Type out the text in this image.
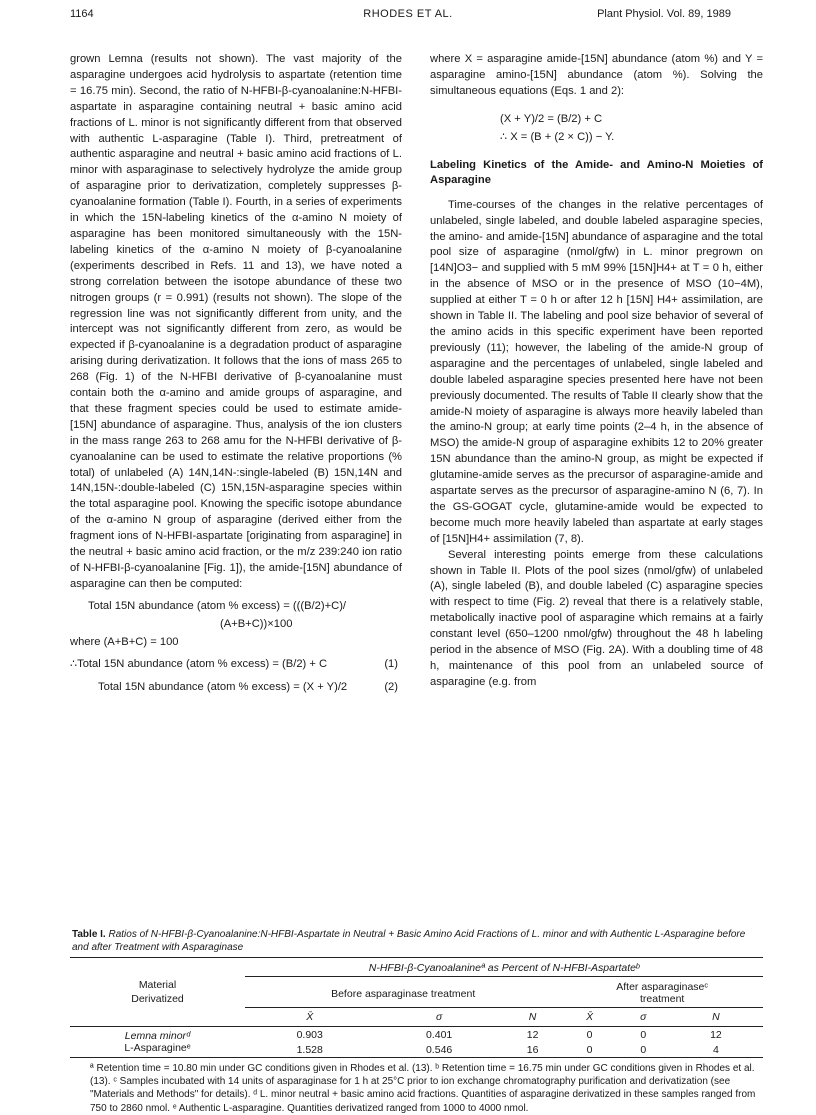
1164	RHODES ET AL.	Plant Physiol. Vol. 89, 1989

grown Lemna (results not shown). The vast majority of the asparagine undergoes acid hydrolysis to aspartate (retention time = 16.75 min). Second, the ratio of N-HFBI-β-cyanoalanine:N-HFBI-aspartate in asparagine containing neutral + basic amino acid fractions of L. minor is not significantly different from that observed with authentic L-asparagine (Table I). Third, pretreatment of authentic asparagine and neutral + basic amino acid fractions of L. minor with asparaginase to selectively hydrolyze the amide group of asparagine prior to derivatization, completely suppresses β-cyanoalanine formation (Table I). Fourth, in a series of experiments in which the 15N-labeling kinetics of the α-amino N moiety of asparagine has been monitored simultaneously with the 15N-labeling kinetics of the α-amino N moiety of β-cyanoalanine (experiments described in Refs. 11 and 13), we have noted a strong correlation between the isotope abundance of these two nitrogen groups (r = 0.991) (results not shown). The slope of the regression line was not significantly different from unity, and the intercept was not significantly different from zero, as would be expected if β-cyanoalanine is a degradation product of asparagine arising during derivatization. It follows that the ions of mass 265 to 268 (Fig. 1) of the N-HFBI derivative of β-cyanoalanine must contain both the α-amino and amide groups of asparagine, and that these fragment species could be used to estimate amide-[15N] abundance of asparagine. Thus, analysis of the ion clusters in the mass range 263 to 268 amu for the N-HFBI derivative of β-cyanoalanine can be used to estimate the relative proportions (% total) of unlabeled (A) 14N,14N-:single-labeled (B) 15N,14N and 14N,15N-:double-labeled (C) 15N,15N-asparagine species within the total asparagine pool. Knowing the specific isotope abundance of the α-amino N group of asparagine (derived either from the fragment ions of N-HFBI-aspartate [originating from asparagine] in the neutral + basic amino acid fraction, or the m/z 239:240 ion ratio of N-HFBI-β-cyanoalanine [Fig. 1]), the amide-[15N] abundance of asparagine can then be computed:

Total 15N abundance (atom % excess) = (((B/2)+C)/
(A+B+C))×100
where (A+B+C) = 100
∴Total 15N abundance (atom % excess) = (B/2) + C	(1)
Total 15N abundance (atom % excess) = (X + Y)/2	(2)

where X = asparagine amide-[15N] abundance (atom %) and Y = asparagine amino-[15N] abundance (atom %). Solving the simultaneous equations (Eqs. 1 and 2):

(X + Y)/2 = (B/2) + C
∴ X = (B + (2 × C)) − Y.
Labeling Kinetics of the Amide- and Amino-N Moieties of Asparagine

Time-courses of the changes in the relative percentages of unlabeled, single labeled, and double labeled asparagine species, the amino- and amide-[15N] abundance of asparagine and the total pool size of asparagine (nmol/gfw) in L. minor pregrown on [14N]O3− and supplied with 5 mM 99% [15N]H4+ at T = 0 h, either in the absence of MSO or in the presence of MSO (10−4M), supplied at either T = 0 h or after 12 h [15N] H4+ assimilation, are shown in Table II. The labeling and pool size behavior of several of the amino acids in this specific experiment have been reported previously (11); however, the labeling of the amide-N group of asparagine and the percentages of unlabeled, single labeled and double labeled asparagine species presented here have not been previously documented. The results of Table II clearly show that the amide-N moiety of asparagine is always more heavily labeled than the amino-N group; at early time points (2–4 h, in the absence of MSO) the amide-N group of asparagine exhibits 12 to 20% greater 15N abundance than the amino-N group, as might be expected if glutamine-amide serves as the precursor of asparagine-amide and aspartate serves as the precursor of asparagine-amino N (6, 7). In the GS-GOGAT cycle, glutamine-amide would be expected to become much more heavily labeled than aspartate at early stages of [15N]H4+ assimilation (7, 8).

Several interesting points emerge from these calculations shown in Table II. Plots of the pool sizes (nmol/gfw) of unlabeled (A), single labeled (B), and double labeled (C) asparagine species with respect to time (Fig. 2) reveal that there is a relatively stable, metabolically inactive pool of asparagine which remains at a fairly constant level (650–1200 nmol/gfw) throughout the 48 h labeling period in the absence of MSO (Fig. 2A). With a doubling time of 48 h, maintenance of this pool from an unlabeled source of asparagine (e.g. from

Table I. Ratios of N-HFBI-β-Cyanoalanine:N-HFBI-Aspartate in Neutral + Basic Amino Acid Fractions of L. minor and with Authentic L-Asparagine before and after Treatment with Asparaginase
Material
Derivatized	N-HFBI-β-Cyanoalanineª as Percent of N-HFBI-Aspartateᵇ					
	Before asparaginase treatment			After asparaginaseᶜ
treatment		

	X̄	σ	N	X̄	σ	N
Lemna minorᵈ	0.903	0.401	12	0	0	12
L-Asparagineᵉ	1.528	0.546	16	0	0	4
ª Retention time = 10.80 min under GC conditions given in Rhodes et al. (13). ᵇ Retention time = 16.75 min under GC conditions given in Rhodes et al. (13). ᶜ Samples incubated with 14 units of asparaginase for 1 h at 25°C prior to ion exchange chromatography purification and derivatization (see "Materials and Methods" for details). ᵈ L. minor neutral + basic amino acid fractions. Quantities of asparagine derivatized in these samples ranged from 750 to 2860 nmol. ᵉ Authentic L-asparagine. Quantities derivatized ranged from 1000 to 4000 nmol.
